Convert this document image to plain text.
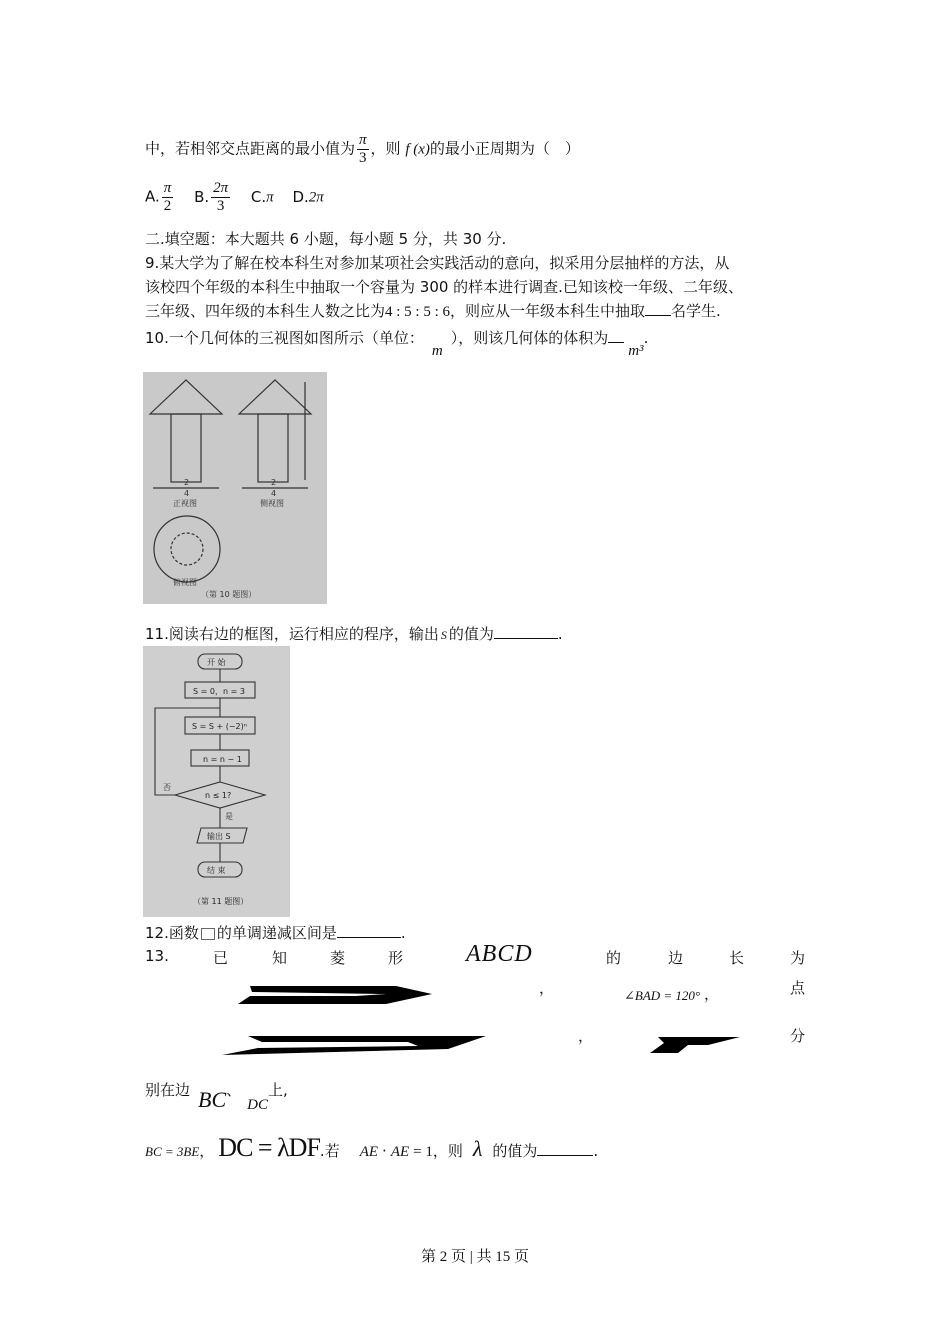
中，若相邻交点距离的最小值为 $\frac{\pi}{3}$ ，则 f (x)的最小正周期为（　）
A. $\frac{\pi}{2} B$. $\frac{2\pi}{3} C.\pi$ D.2π
二.填空题：本大题共 6 小题，每小题 5 分，共 30 分.
9.某大学为了解在校本科生对参加某项社会实践活动的意向，拟采用分层抽样的方法，从
该校四个年级的本科生中抽取一个容量为 300 的样本进行调查.已知该校一年级、二年级、
三年级、四年级的本科生人数之比为4 : 5 : 5 : 6，则应从一年级本科生中抽取 名学生.
10.一个几何体的三视图如图所示（单位：m），则该几何体的体积为m³.
2
4
2
4
正视图	侧视图
俯视图
（第 10 题图）
11.阅读右边的框图，运行相应的程序，输出 S 的值为	.
开 始
S = 0，n = 3
S = S + (−2)ⁿ
n = n − 1
n ≤ 1?
否
是
输出 S
结 束
（第 11 题图）
12.函数 的单调递减区间是	.
13.	已	知	菱	形	ABCD	的	边	长	为
，	∠BAD = 120° ，	点
，	分
别在边 BC、DC上,
BC = 3BE ， DC = λDF .若 AE · AE = 1 ，则 λ 的值为	.
第 2 页 | 共 15 页
